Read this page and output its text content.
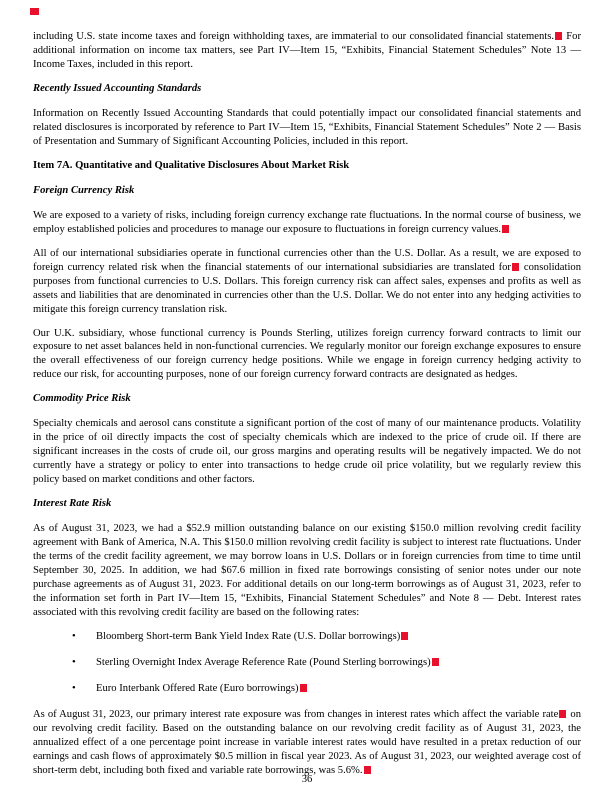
including U.S. state income taxes and foreign withholding taxes, are immaterial to our consolidated financial statements. For additional information on income tax matters, see Part IV—Item 15, “Exhibits, Financial Statement Schedules” Note 13 — Income Taxes, included in this report.

Recently Issued Accounting Standards

Information on Recently Issued Accounting Standards that could potentially impact our consolidated financial statements and related disclosures is incorporated by reference to Part IV—Item 15, “Exhibits, Financial Statement Schedules” Note 2 — Basis of Presentation and Summary of Significant Accounting Policies, included in this report.

Item 7A. Quantitative and Qualitative Disclosures About Market Risk
Foreign Currency Risk

We are exposed to a variety of risks, including foreign currency exchange rate fluctuations. In the normal course of business, we employ established policies and procedures to manage our exposure to fluctuations in foreign currency values.

All of our international subsidiaries operate in functional currencies other than the U.S. Dollar. As a result, we are exposed to foreign currency related risk when the financial statements of our international subsidiaries are translated for consolidation purposes from functional currencies to U.S. Dollars. This foreign currency risk can affect sales, expenses and profits as well as assets and liabilities that are denominated in currencies other than the U.S. Dollar. We do not enter into any hedging activities to mitigate this foreign currency translation risk.

Our U.K. subsidiary, whose functional currency is Pounds Sterling, utilizes foreign currency forward contracts to limit our exposure to net asset balances held in non-functional currencies. We regularly monitor our foreign exchange exposures to ensure the overall effectiveness of our foreign currency hedge positions. While we engage in foreign currency hedging activity to reduce our risk, for accounting purposes, none of our foreign currency forward contracts are designated as hedges.

Commodity Price Risk

Specialty chemicals and aerosol cans constitute a significant portion of the cost of many of our maintenance products. Volatility in the price of oil directly impacts the cost of specialty chemicals which are indexed to the price of crude oil. If there are significant increases in the costs of crude oil, our gross margins and operating results will be negatively impacted. We do not currently have a strategy or policy to enter into transactions to hedge crude oil price volatility, but we regularly review this policy based on market conditions and other factors.

Interest Rate Risk

As of August 31, 2023, we had a $52.9 million outstanding balance on our existing $150.0 million revolving credit facility agreement with Bank of America, N.A. This $150.0 million revolving credit facility is subject to interest rate fluctuations. Under the terms of the credit facility agreement, we may borrow loans in U.S. Dollars or in foreign currencies from time to time until September 30, 2025. In addition, we had $67.6 million in fixed rate borrowings consisting of senior notes under our note purchase agreements as of August 31, 2023. For additional details on our long-term borrowings as of August 31, 2023, refer to the information set forth in Part IV—Item 15, “Exhibits, Financial Statement Schedules” and Note 8 — Debt. Interest rates associated with this revolving credit facility are based on the following rates:

•	Bloomberg Short-term Bank Yield Index Rate (U.S. Dollar borrowings)
•	Sterling Overnight Index Average Reference Rate (Pound Sterling borrowings)
•	Euro Interbank Offered Rate (Euro borrowings)

As of August 31, 2023, our primary interest rate exposure was from changes in interest rates which affect the variable rate on our revolving credit facility. Based on the outstanding balance on our revolving credit facility as of August 31, 2023, the annualized effect of a one percentage point increase in variable interest rates would have resulted in a pretax reduction of our earnings and cash flows of approximately $0.5 million in fiscal year 2023. As of August 31, 2023, our weighted average cost of short-term debt, including both fixed and variable rate borrowings, was 5.6%.

36
